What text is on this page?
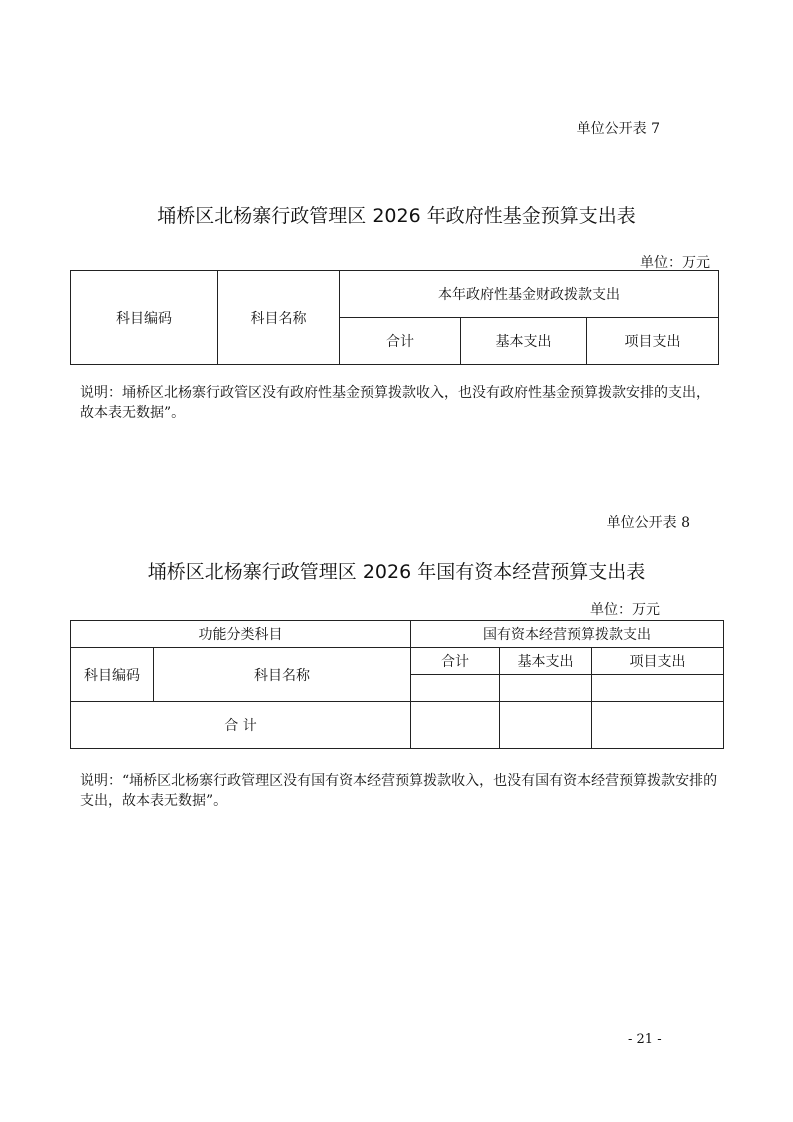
单位公开表 7
埇桥区北杨寨行政管理区 2026 年政府性基金预算支出表
单位：万元
科目编码	科目名称	本年政府性基金财政拨款支出		
		合计	基本支出	项目支出
说明：埇桥区北杨寨行政管区没有政府性基金预算拨款收入，也没有政府性基金预算拨款安排的支出，故本表无数据”。
单位公开表 8
埇桥区北杨寨行政管理区 2026 年国有资本经营预算支出表
单位：万元
功能分类科目		国有资本经营预算拨款支出		
科目编码	科目名称	合计	基本支出	项目支出

合 计				
说明：“埇桥区北杨寨行政管理区没有国有资本经营预算拨款收入，也没有国有资本经营预算拨款安排的支出，故本表无数据”。
- 21 -
